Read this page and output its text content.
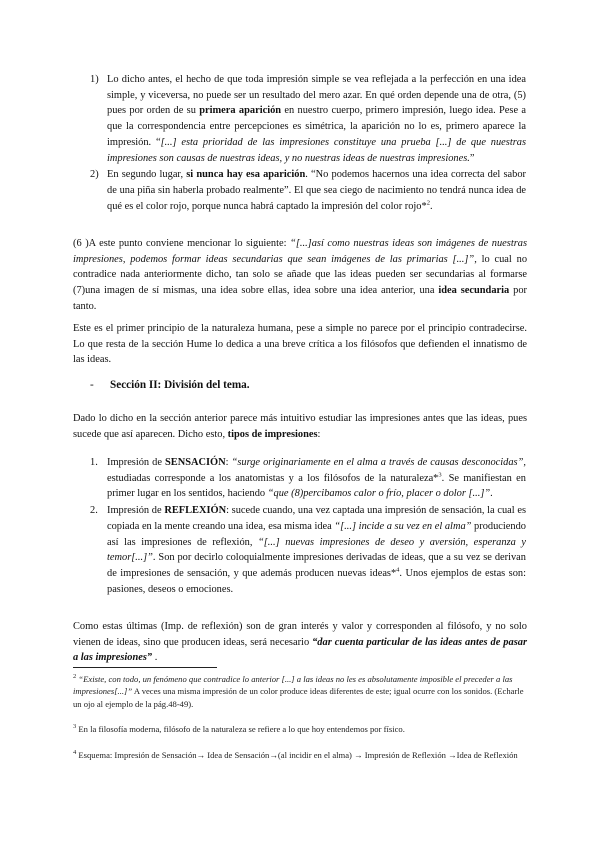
1) Lo dicho antes, el hecho de que toda impresión simple se vea reflejada a la perfección en una idea simple, y viceversa, no puede ser un resultado del mero azar. En qué orden depende una de otra, (5) pues por orden de su primera aparición en nuestro cuerpo, primero impresión, luego idea. Pese a que la correspondencia entre percepciones es simétrica, la aparición no lo es, primero aparece la impresión. “[...] esta prioridad de las impresiones constituye una prueba [...] de que nuestras impresiones son causas de nuestras ideas, y no nuestras ideas de nuestras impresiones.”

2) En segundo lugar, si nunca hay esa aparición. “No podemos hacernos una idea correcta del sabor de una piña sin haberla probado realmente”. El que sea ciego de nacimiento no tendrá nunca idea de qué es el color rojo, porque nunca habrá captado la impresión del color rojo*$^2$.

(6 )A este punto conviene mencionar lo siguiente: “[...]así como nuestras ideas son imágenes de nuestras impresiones, podemos formar ideas secundarias que sean imágenes de las primarias [...]”, lo cual no contradice nada anteriormente dicho, tan solo se añade que las ideas pueden ser secundarias al formarse (7)una imagen de sí mismas, una idea sobre ellas, idea sobre una idea anterior, una idea secundaria por tanto.

Este es el primer principio de la naturaleza humana, pese a simple no parece por el principio contradecirse. Lo que resta de la sección Hume lo dedica a una breve crítica a los filósofos que defienden el innatismo de las ideas.

- Sección II: División del tema.

Dado lo dicho en la sección anterior parece más intuitivo estudiar las impresiones antes que las ideas, pues sucede que así aparecen. Dicho esto, tipos de impresiones:

1. Impresión de SENSACIÓN: “surge originariamente en el alma a través de causas desconocidas”, estudiadas corresponde a los anatomistas y a los filósofos de la naturaleza*$^3$. Se manifiestan en primer lugar en los sentidos, haciendo “que (8)percibamos calor o frío, placer o dolor [...]”.

2. Impresión de REFLEXIÓN: sucede cuando, una vez captada una impresión de sensación, la cual es copiada en la mente creando una idea, esa misma idea “[...] incide a su vez en el alma” produciendo así las impresiones de reflexión, “[...] nuevas impresiones de deseo y aversión, esperanza y temor[...]”. Son por decirlo coloquialmente impresiones derivadas de ideas, que a su vez se derivan de impresiones de sensación, y que además producen nuevas ideas*$^4$. Unos ejemplos de estas son: pasiones, deseos o emociones.

Como estas últimas (Imp. de reflexión) son de gran interés y valor y corresponden al filósofo, y no solo vienen de ideas, sino que producen ideas, será necesario “dar cuenta particular de las ideas antes de pasar a las impresiones” .

$^2$ “Existe, con todo, un fenómeno que contradice lo anterior [...] a las ideas no les es absolutamente imposible el preceder a las impresiones[...]” A veces una misma impresión de un color produce ideas diferentes de este; igual ocurre con los sonidos. (Echarle un ojo al ejemplo de la pág.48-49).

$^3$ En la filosofía moderna, filósofo de la naturaleza se refiere a lo que hoy entendemos por físico.

$^4$ Esquema: Impresión de Sensación→ Idea de Sensación→(al incidir en el alma) → Impresión de Reflexión →Idea de Reflexión
